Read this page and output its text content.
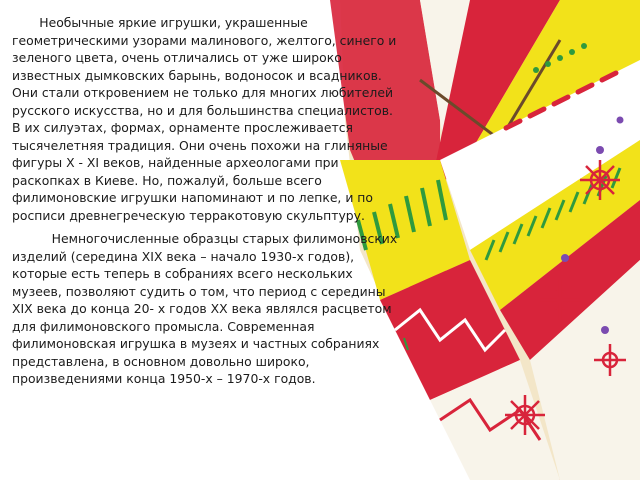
Необычные яркие игрушки, украшенные геометрическими узорами малинового, желтого, синего и зеленого цвета, очень отличались от уже широко известных дымковских барынь, водоносок и всадников. Они стали откровением не только для многих любителей русского искусства, но и для большинства специалистов. В их силуэтах, формах, орнаменте прослеживается тысячелетняя традиция. Они очень похожи на глиняные фигуры X - XI веков, найденные археологами при раскопках в Киеве. Но, пожалуй, больше всего филимоновские игрушки напоминают и по лепке, и по росписи древнегреческую терракотовую скульптуру.

Немногочисленные образцы старых филимоновских изделий (середина XIX века – начало 1930-х годов), которые есть теперь в собраниях всего нескольких музеев, позволяют судить о том, что период с середины XIX века до конца 20- х годов XX века являлся расцветом для филимоновского промысла. Современная филимоновская игрушка в музеях и частных собраниях представлена, в основном довольно широко, произведениями конца 1950-х – 1970-х годов.
